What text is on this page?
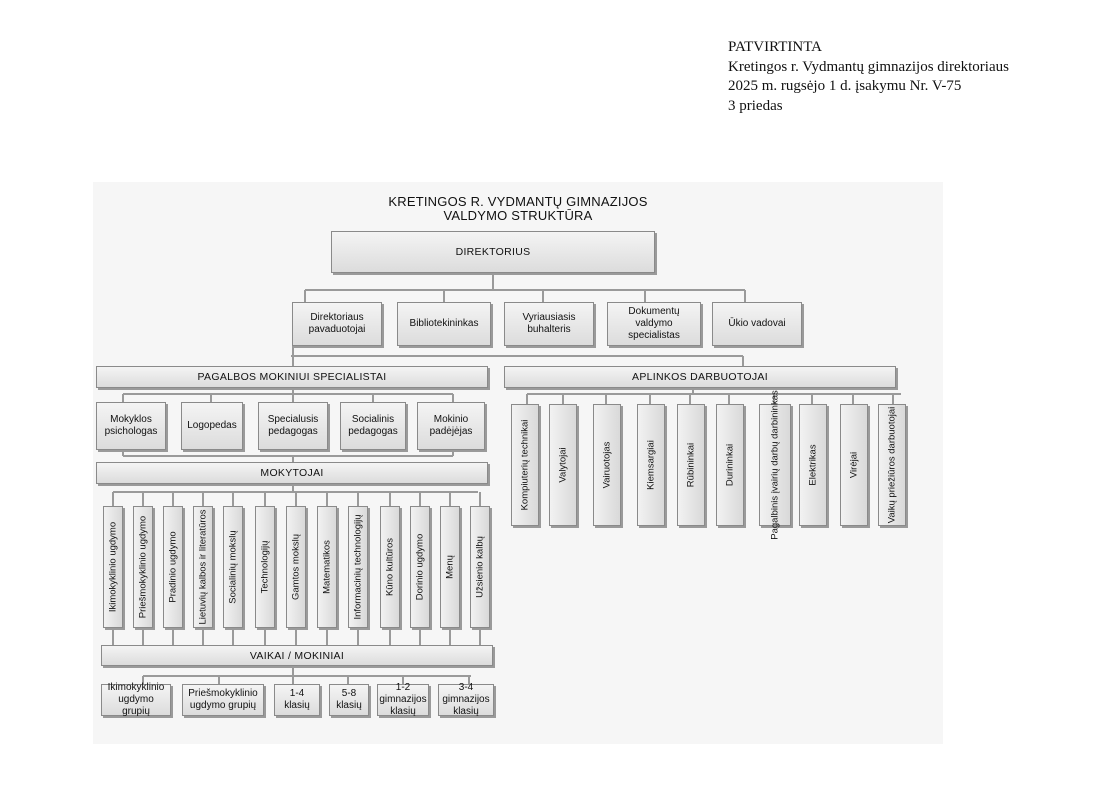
PATVIRTINTA
Kretingos r. Vydmantų gimnazijos direktoriaus
2025 m. rugsėjo 1 d. įsakymu Nr. V-75
3 priedas
KRETINGOS R. VYDMANTŲ GIMNAZIJOS
VALDYMO STRUKTŪRA
DIREKTORIUS
Direktoriaus pavaduotojai
Bibliotekininkas
Vyriausiasis buhalteris
Dokumentų valdymo specialistas
Ūkio vadovai
PAGALBOS MOKINIUI SPECIALISTAI	APLINKOS DARBUOTOJAI
Mokyklos psichologas
Logopedas
Specialusis pedagogas
Socialinis pedagogas
Mokinio padėjėjas
MOKYTOJAI
Ikimokyklinio ugdymo Priešmokyklinio ugdymo Pradinio ugdymo Lietuvių kalbos ir literatūros Socialinių mokslų Technologijų Gamtos mokslų Matematikos Informacinių technologijų Kūno kultūros Dorinio ugdymo Menų Užsienio kalbų
VAIKAI / MOKINIAI
Ikimokyklinio ugdymo grupių
Priešmokyklinio ugdymo grupių
1-4 klasių
5-8 klasių
1-2 gimnazijos klasių
3-4 gimnazijos klasių
Kompiuterių technikai	Valytojai	Vairuotojas	Kiemsargiai	Rūbininkai	Durininkai	Pagalbinis įvairių darbų darbininkas	Elektrikas	Virėjai	Vaikų priežiūros darbuotojai
